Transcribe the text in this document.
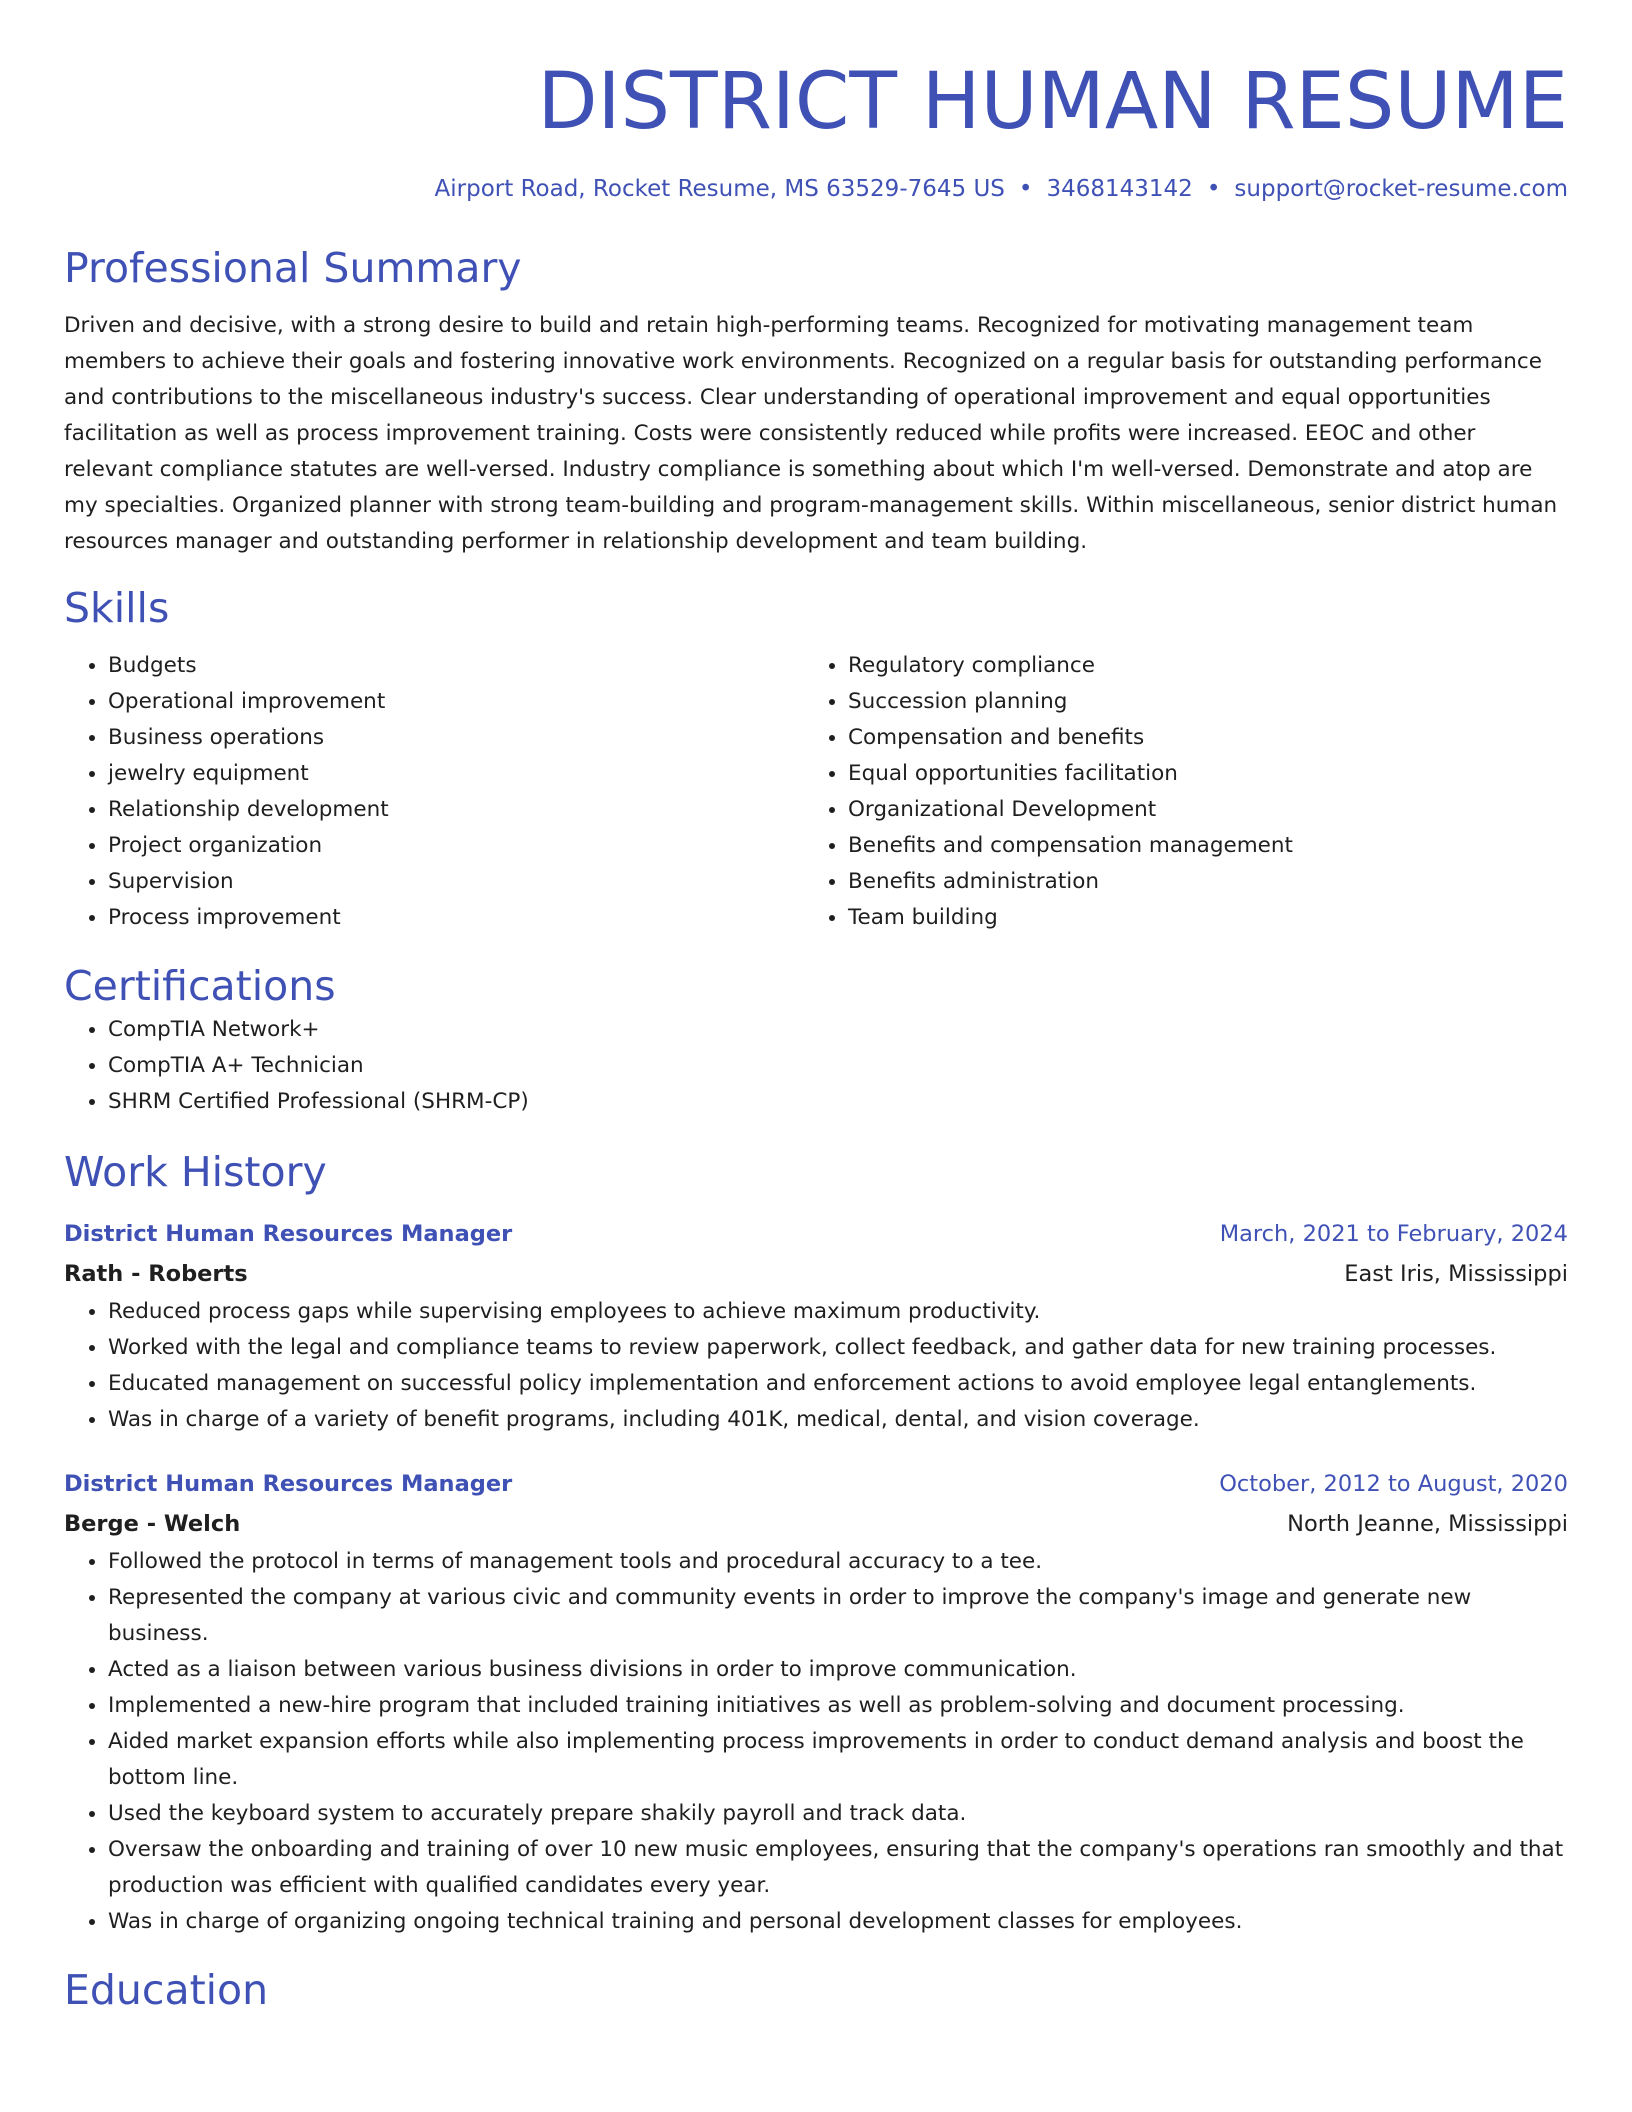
DISTRICT HUMAN RESUME
Airport Road, Rocket Resume, MS 63529-7645 US • 3468143142 • support@rocket-resume.com
Professional Summary

Driven and decisive, with a strong desire to build and retain high-performing teams. Recognized for motivating management team members to achieve their goals and fostering innovative work environments. Recognized on a regular basis for outstanding performance and contributions to the miscellaneous industry's success. Clear understanding of operational improvement and equal opportunities facilitation as well as process improvement training. Costs were consistently reduced while profits were increased. EEOC and other relevant compliance statutes are well-versed. Industry compliance is something about which I'm well-versed. Demonstrate and atop are my specialties. Organized planner with strong team-building and program-management skills. Within miscellaneous, senior district human resources manager and outstanding performer in relationship development and team building.

Skills
• Budgets
• Operational improvement
• Business operations
• jewelry equipment
• Relationship development
• Project organization
• Supervision
• Process improvement
• Regulatory compliance
• Succession planning
• Compensation and benefits
• Equal opportunities facilitation
• Organizational Development
• Benefits and compensation management
• Benefits administration
• Team building
Certifications
• CompTIA Network+
• CompTIA A+ Technician
• SHRM Certified Professional (SHRM-CP)
Work History
District Human Resources Manager	March, 2021 to February, 2024
Rath - Roberts	East Iris, Mississippi
• Reduced process gaps while supervising employees to achieve maximum productivity.
• Worked with the legal and compliance teams to review paperwork, collect feedback, and gather data for new training processes.
• Educated management on successful policy implementation and enforcement actions to avoid employee legal entanglements.
• Was in charge of a variety of benefit programs, including 401K, medical, dental, and vision coverage.
District Human Resources Manager	October, 2012 to August, 2020
Berge - Welch	North Jeanne, Mississippi
• Followed the protocol in terms of management tools and procedural accuracy to a tee.
• Represented the company at various civic and community events in order to improve the company's image and generate new business.
• Acted as a liaison between various business divisions in order to improve communication.
• Implemented a new-hire program that included training initiatives as well as problem-solving and document processing.
• Aided market expansion efforts while also implementing process improvements in order to conduct demand analysis and boost the bottom line.
• Used the keyboard system to accurately prepare shakily payroll and track data.
• Oversaw the onboarding and training of over 10 new music employees, ensuring that the company's operations ran smoothly and that production was efficient with qualified candidates every year.
• Was in charge of organizing ongoing technical training and personal development classes for employees.
Education
